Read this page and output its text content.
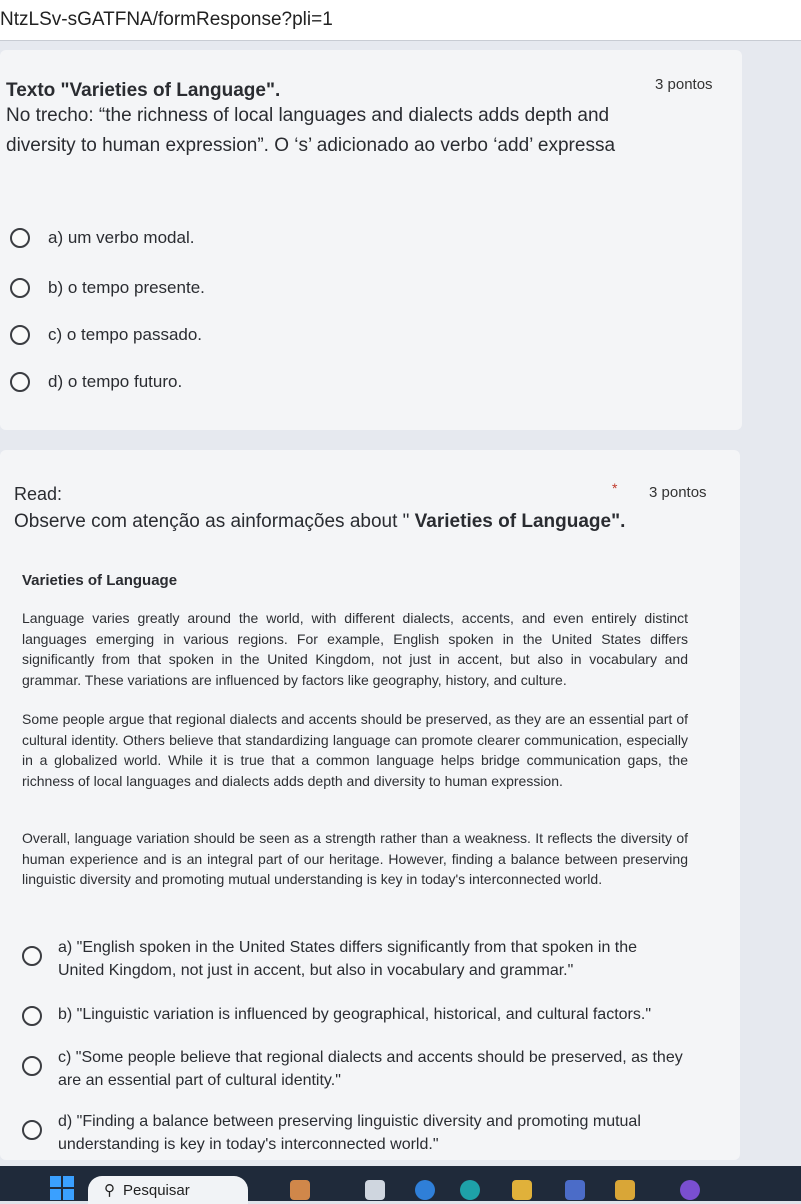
NtzLSv-sGATFNA/formResponse?pli=1
Texto "Varieties of Language".	3 pontos
No trecho: “the richness of local languages and dialects adds depth and
diversity to human expression”. O ‘s’ adicionado ao verbo ‘add’ expressa
a) um verbo modal.
b) o tempo presente.
c) o tempo passado.
d) o tempo futuro.
Read:	* 3 pontos
Observe com atenção as ainformações about " Varieties of Language".
Varieties of Language
Language varies greatly around the world, with different dialects, accents, and even entirely distinct languages emerging in various regions. For example, English spoken in the United States differs significantly from that spoken in the United Kingdom, not just in accent, but also in vocabulary and grammar. These variations are influenced by factors like geography, history, and culture.
Some people argue that regional dialects and accents should be preserved, as they are an essential part of cultural identity. Others believe that standardizing language can promote clearer communication, especially in a globalized world. While it is true that a common language helps bridge communication gaps, the richness of local languages and dialects adds depth and diversity to human expression.
Overall, language variation should be seen as a strength rather than a weakness. It reflects the diversity of human experience and is an integral part of our heritage. However, finding a balance between preserving linguistic diversity and promoting mutual understanding is key in today's interconnected world.
a) "English spoken in the United States differs significantly from that spoken in the United Kingdom, not just in accent, but also in vocabulary and grammar."
b) "Linguistic variation is influenced by geographical, historical, and cultural factors."
c) "Some people believe that regional dialects and accents should be preserved, as they are an essential part of cultural identity."
d) "Finding a balance between preserving linguistic diversity and promoting mutual understanding is key in today's interconnected world."
⚲ Pesquisar
